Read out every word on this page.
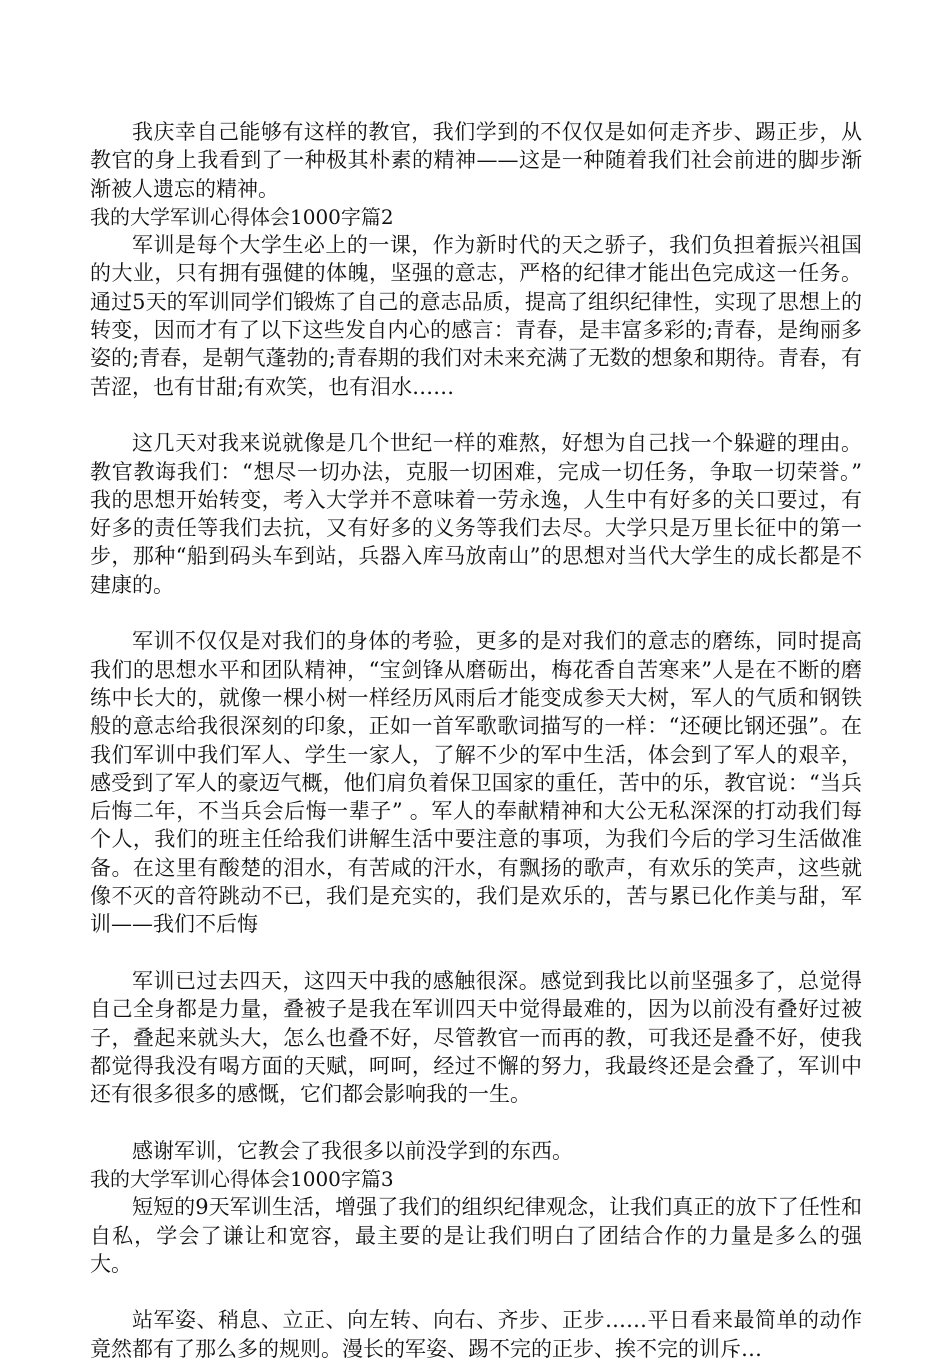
我庆幸自己能够有这样的教官，我们学到的不仅仅是如何走齐步、踢正步，从教官的身上我看到了一种极其朴素的精神——这是一种随着我们社会前进的脚步渐渐被人遗忘的精神。

我的大学军训心得体会1000字篇2

军训是每个大学生必上的一课，作为新时代的天之骄子，我们负担着振兴祖国的大业，只有拥有强健的体魄，坚强的意志，严格的纪律才能出色完成这一任务。通过5天的军训同学们锻炼了自己的意志品质，提高了组织纪律性，实现了思想上的转变，因而才有了以下这些发自内心的感言：青春，是丰富多彩的;青春，是绚丽多姿的;青春，是朝气蓬勃的;青春期的我们对未来充满了无数的想象和期待。青春，有苦涩，也有甘甜;有欢笑，也有泪水……

这几天对我来说就像是几个世纪一样的难熬，好想为自己找一个躲避的理由。教官教诲我们：“想尽一切办法，克服一切困难，完成一切任务，争取一切荣誉。” 我的思想开始转变，考入大学并不意味着一劳永逸，人生中有好多的关口要过，有好多的责任等我们去抗，又有好多的义务等我们去尽。大学只是万里长征中的第一步，那种“船到码头车到站，兵器入库马放南山”的思想对当代大学生的成长都是不建康的。

军训不仅仅是对我们的身体的考验，更多的是对我们的意志的磨练，同时提高我们的思想水平和团队精神，“宝剑锋从磨砺出，梅花香自苦寒来”人是在不断的磨练中长大的，就像一棵小树一样经历风雨后才能变成参天大树，军人的气质和钢铁般的意志给我很深刻的印象，正如一首军歌歌词描写的一样：“还硬比钢还强”。在我们军训中我们军人、学生一家人，了解不少的军中生活，体会到了军人的艰辛，感受到了军人的豪迈气概，他们肩负着保卫国家的重任，苦中的乐，教官说：“当兵后悔二年，不当兵会后悔一辈子” 。军人的奉献精神和大公无私深深的打动我们每个人，我们的班主任给我们讲解生活中要注意的事项，为我们今后的学习生活做准备。在这里有酸楚的泪水，有苦咸的汗水，有飘扬的歌声，有欢乐的笑声，这些就像不灭的音符跳动不已，我们是充实的，我们是欢乐的，苦与累已化作美与甜，军训——我们不后悔

军训已过去四天，这四天中我的感触很深。感觉到我比以前坚强多了，总觉得自己全身都是力量，叠被子是我在军训四天中觉得最难的，因为以前没有叠好过被子，叠起来就头大，怎么也叠不好，尽管教官一而再的教，可我还是叠不好，使我都觉得我没有喝方面的天赋，呵呵，经过不懈的努力，我最终还是会叠了，军训中还有很多很多的感慨，它们都会影响我的一生。

感谢军训，它教会了我很多以前没学到的东西。

我的大学军训心得体会1000字篇3

短短的9天军训生活，增强了我们的组织纪律观念，让我们真正的放下了任性和自私，学会了谦让和宽容，最主要的是让我们明白了团结合作的力量是多么的强大。

站军姿、稍息、立正、向左转、向右、齐步、正步……平日看来最简单的动作竟然都有了那么多的规则。漫长的军姿、踢不完的正步、挨不完的训斥…
